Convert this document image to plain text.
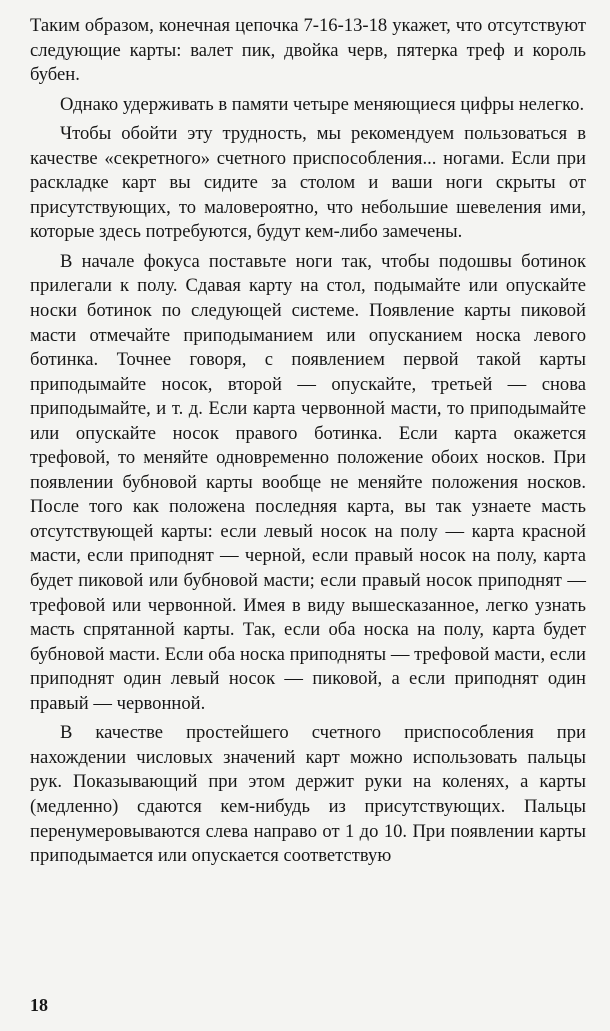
Таким образом, конечная цепочка 7-16-13-18 укажет, что отсутствуют следующие карты: валет пик, двойка черв, пятерка треф и король бубен.

Однако удерживать в памяти четыре меняющиеся цифры нелегко.

Чтобы обойти эту трудность, мы рекомендуем пользоваться в качестве «секретного» счетного приспособления... ногами. Если при раскладке карт вы сидите за столом и ваши ноги скрыты от присутствующих, то маловероятно, что небольшие шевеления ими, которые здесь потребуются, будут кем-либо замечены.

В начале фокуса поставьте ноги так, чтобы подошвы ботинок прилегали к полу. Сдавая карту на стол, подымайте или опускайте носки ботинок по следующей системе. Появление карты пиковой масти отмечайте приподыманием или опусканием носка левого ботинка. Точнее говоря, с появлением первой такой карты приподымайте носок, второй — опускайте, третьей — снова приподымайте, и т. д. Если карта червонной масти, то приподымайте или опускайте носок правого ботинка. Если карта окажется трефовой, то меняйте одновременно положение обоих носков. При появлении бубновой карты вообще не меняйте положения носков. После того как положена последняя карта, вы так узнаете масть отсутствующей карты: если левый носок на полу — карта красной масти, если приподнят — черной, если правый носок на полу, карта будет пиковой или бубновой масти; если правый носок приподнят — трефовой или червонной. Имея в виду вышесказанное, легко узнать масть спрятанной карты. Так, если оба носка на полу, карта будет бубновой масти. Если оба носка приподняты — трефовой масти, если приподнят один левый носок — пиковой, а если приподнят один правый — червонной.

В качестве простейшего счетного приспособления при нахождении числовых значений карт можно использовать пальцы рук. Показывающий при этом держит руки на коленях, а карты (медленно) сдаются кем-нибудь из присутствующих. Пальцы перенумеровываются слева направо от 1 до 10. При появлении карты приподымается или опускается соответствую

18
